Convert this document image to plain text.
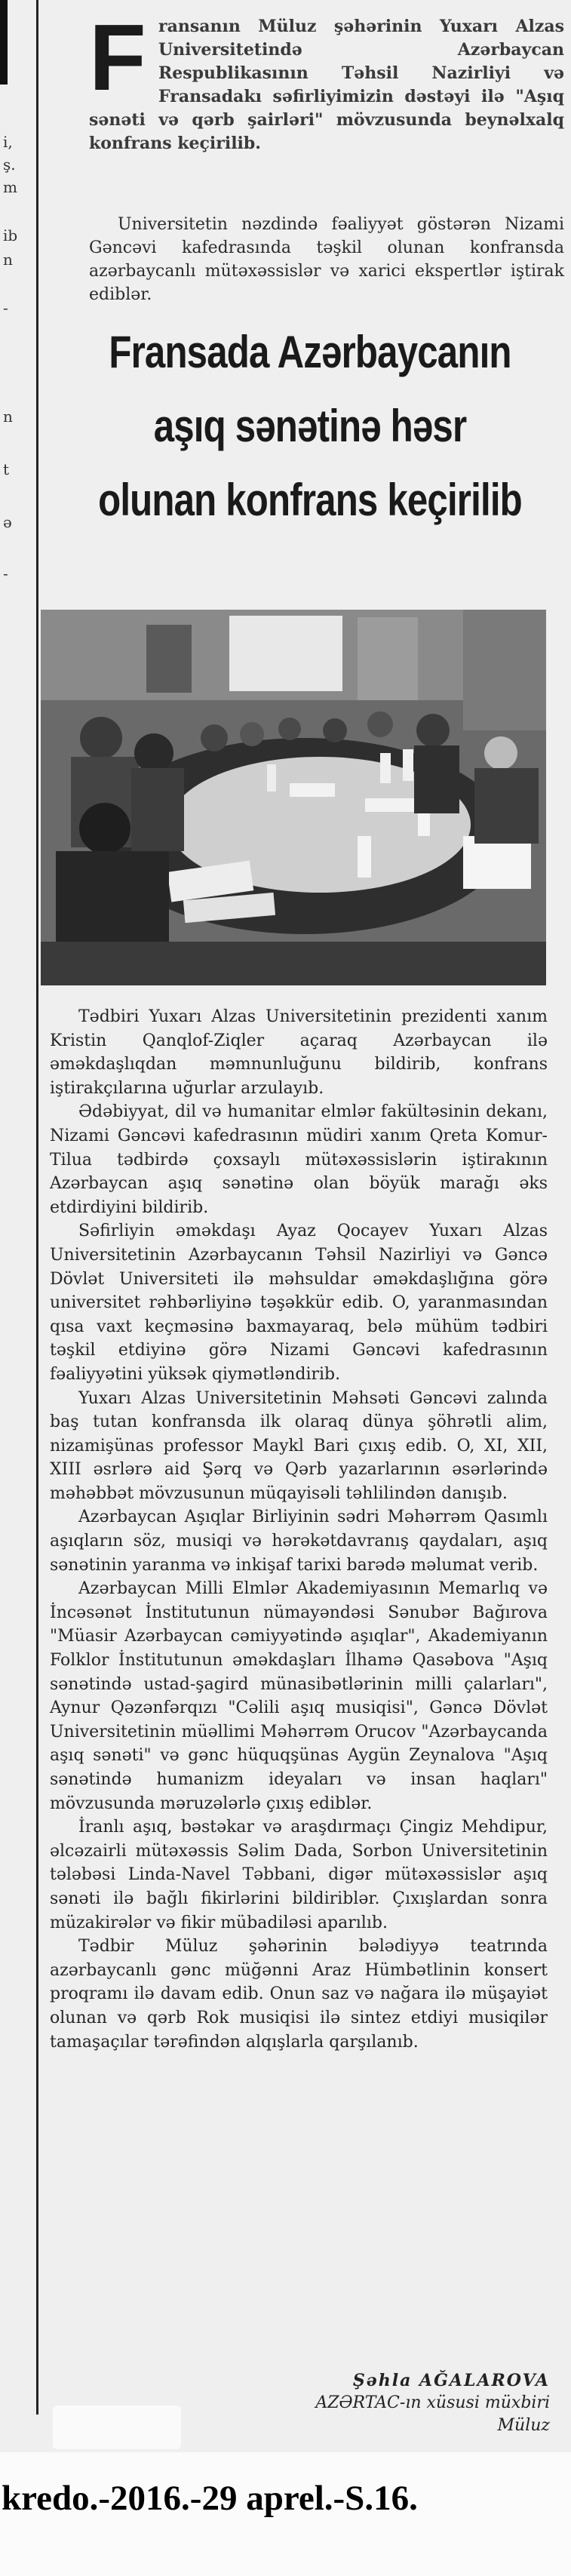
i,
ş.
m
ib
n
-
n
t
ə
-
F ransanın Müluz şəhərinin Yuxarı Alzas Universitetində Azərbaycan Respublikasının Təhsil Nazirliyi və Fransadakı səfirliyimizin dəstəyi ilə "Aşıq sənəti və qərb şairləri" mövzusunda beynəlxalq konfrans keçirilib.
Universitetin nəzdində fəaliyyət göstərən Nizami Gəncəvi kafedrasında təşkil olunan konfransda azərbaycanlı mütəxəssislər və xarici ekspertlər iştirak ediblər.
Fransada Azərbaycanın
aşıq sənətinə həsr
olunan konfrans keçirilib

Tədbiri Yuxarı Alzas Universitetinin prezidenti xanım Kristin Qanqlof-Ziqler açaraq Azərbaycan ilə əməkdaşlıqdan məmnunluğunu bildirib, konfrans iştirakçılarına uğurlar arzulayıb.

Ədəbiyyat, dil və humanitar elmlər fakültəsinin dekanı, Nizami Gəncəvi kafedrasının müdiri xanım Qreta Komur-Tilua tədbirdə çoxsaylı mütəxəssislərin iştirakının Azərbaycan aşıq sənətinə olan böyük marağı əks etdirdiyini bildirib.

Səfirliyin əməkdaşı Ayaz Qocayev Yuxarı Alzas Universitetinin Azərbaycanın Təhsil Nazirliyi və Gəncə Dövlət Universiteti ilə məhsuldar əməkdaşlığına görə universitet rəhbərliyinə təşəkkür edib. O, yaranmasından qısa vaxt keçməsinə baxmayaraq, belə mühüm tədbiri təşkil etdiyinə görə Nizami Gəncəvi kafedrasının fəaliyyətini yüksək qiymətləndirib.

Yuxarı Alzas Universitetinin Məhsəti Gəncəvi zalında baş tutan konfransda ilk olaraq dünya şöhrətli alim, nizamişünas professor Maykl Bari çıxış edib. O, XI, XII, XIII əsrlərə aid Şərq və Qərb yazarlarının əsərlərində məhəbbət mövzusunun müqayisəli təhlilindən danışıb.

Azərbaycan Aşıqlar Birliyinin sədri Məhərrəm Qasımlı aşıqların söz, musiqi və hərəkətdavranış qaydaları, aşıq sənətinin yaranma və inkişaf tarixi barədə məlumat verib.

Azərbaycan Milli Elmlər Akademiyasının Memarlıq və İncəsənət İnstitutunun nümayəndəsi Sənubər Bağırova "Müasir Azərbaycan cəmiyyətində aşıqlar", Akademiyanın Folklor İnstitutunun əməkdaşları İlhamə Qasəbova "Aşıq sənətində ustad-şagird münasibətlərinin milli çalarları", Aynur Qəzənfərqızı "Cəlili aşıq musiqisi", Gəncə Dövlət Universitetinin müəllimi Məhərrəm Orucov "Azərbaycanda aşıq sənəti" və gənc hüquqşünas Aygün Zeynalova "Aşıq sənətində humanizm ideyaları və insan haqları" mövzusunda məruzələrlə çıxış ediblər.

İranlı aşıq, bəstəkar və araşdırmaçı Çingiz Mehdipur, əlcəzairli mütəxəssis Səlim Dada, Sorbon Universitetinin tələbəsi Linda-Navel Təbbani, digər mütəxəssislər aşıq sənəti ilə bağlı fikirlərini bildiriblər. Çıxışlardan sonra müzakirələr və fikir mübadiləsi aparılıb.

Tədbir Müluz şəhərinin bələdiyyə teatrında azərbaycanlı gənc müğənni Araz Hümbətlinin konsert proqramı ilə davam edib. Onun saz və nağara ilə müşayiət olunan və qərb Rok musiqisi ilə sintez etdiyi musiqilər tamaşaçılar tərəfindən alqışlarla qarşılanıb.

Şəhla AĞALAROVA
AZƏRTAC-ın xüsusi müxbiri
Müluz
kredo.-2016.-29 aprel.-S.16.
